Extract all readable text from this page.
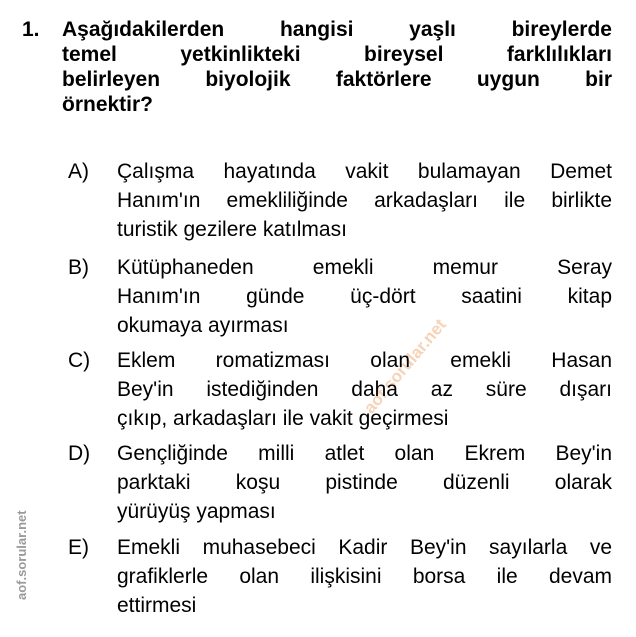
aof.sorular.net
aof.sorular.net
1. Aşağıdakilerden hangisi yaşlı bireylerde
temel yetkinlikteki bireysel farklılıkları
belirleyen biyolojik faktörlere uygun bir
örnektir?
A) Çalışma hayatında vakit bulamayan Demet
Hanım'ın emekliliğinde arkadaşları ile birlikte
turistik gezilere katılması
B) Kütüphaneden emekli memur Seray
Hanım'ın günde üç-dört saatini kitap
okumaya ayırması
C) Eklem romatizması olan emekli Hasan
Bey'in istediğinden daha az süre dışarı
çıkıp, arkadaşları ile vakit geçirmesi
D) Gençliğinde milli atlet olan Ekrem Bey'in
parktaki koşu pistinde düzenli olarak
yürüyüş yapması
E) Emekli muhasebeci Kadir Bey'in sayılarla ve
grafiklerle olan ilişkisini borsa ile devam
ettirmesi
